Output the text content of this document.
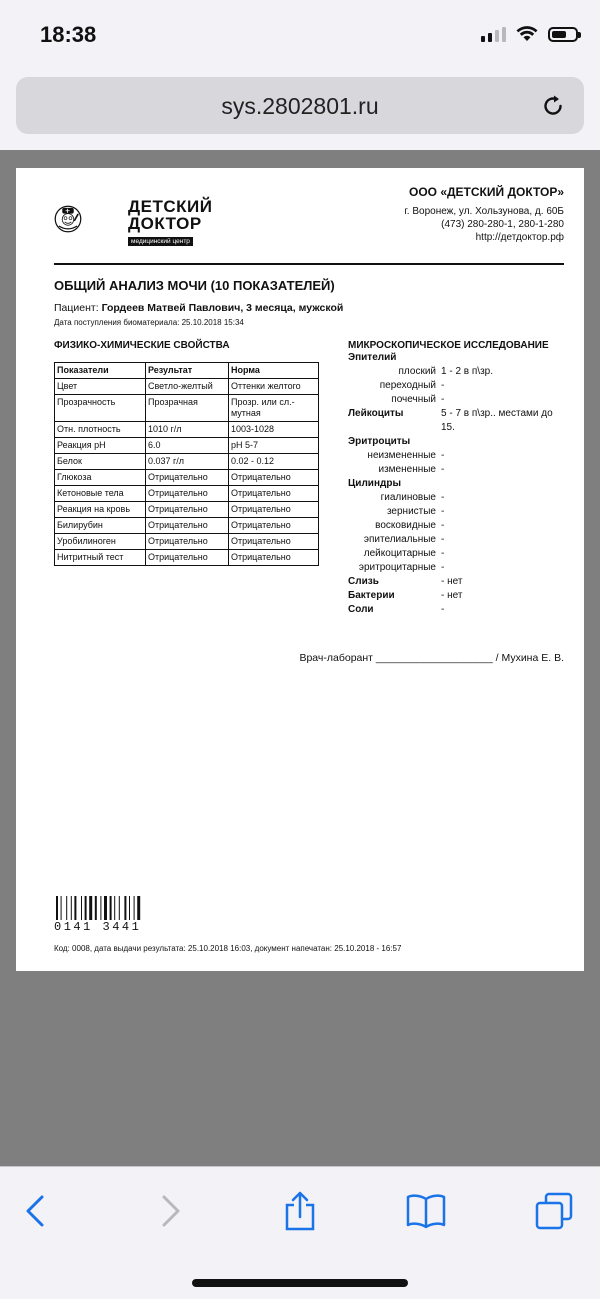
18:38
sys.2802801.ru
ДЕТСКИЙ
ДОКТОР
медицинский центр
ООО «ДЕТСКИЙ ДОКТОР»
г. Воронеж, ул. Хользунова, д. 60Б
(473) 280-280-1, 280-1-280
http://детдоктор.рф
ОБЩИЙ АНАЛИЗ МОЧИ (10 ПОКАЗАТЕЛЕЙ)
Пациент: Гордеев Матвей Павлович, 3 месяца, мужской
Дата поступления биоматериала: 25.10.2018 15:34
ФИЗИКО-ХИМИЧЕСКИЕ СВОЙСТВА
Показатели	Результат	Норма
Цвет	Светло-желтый	Оттенки желтого
Прозрачность	Прозрачная	Прозр. или сл.-мутная
Отн. плотность	1010 г/л	1003-1028
Реакция pH	6.0	pH 5-7
Белок	0.037 г/л	0.02 - 0.12
Глюкоза	Отрицательно	Отрицательно
Кетоновые тела	Отрицательно	Отрицательно
Реакция на кровь	Отрицательно	Отрицательно
Билирубин	Отрицательно	Отрицательно
Уробилиноген	Отрицательно	Отрицательно
Нитритный тест	Отрицательно	Отрицательно
МИКРОСКОПИЧЕСКОЕ ИССЛЕДОВАНИЕ
Эпителий
плоский 1 - 2 в п\зр.
переходный -
почечный -
Лейкоциты	5 - 7 в п\зр.. местами до 15.
Эритроциты
неизмененные -
измененные -
Цилиндры
гиалиновые -
зернистые -
восковидные -
эпителиальные -
лейкоцитарные -
эритроцитарные -
Слизь	- нет
Бактерии	- нет
Соли	-
Врач-лаборант ____________________ / Мухина Е. В.
0141 3441
Код: 0008, дата выдачи результата: 25.10.2018 16:03, документ напечатан: 25.10.2018 - 16:57
